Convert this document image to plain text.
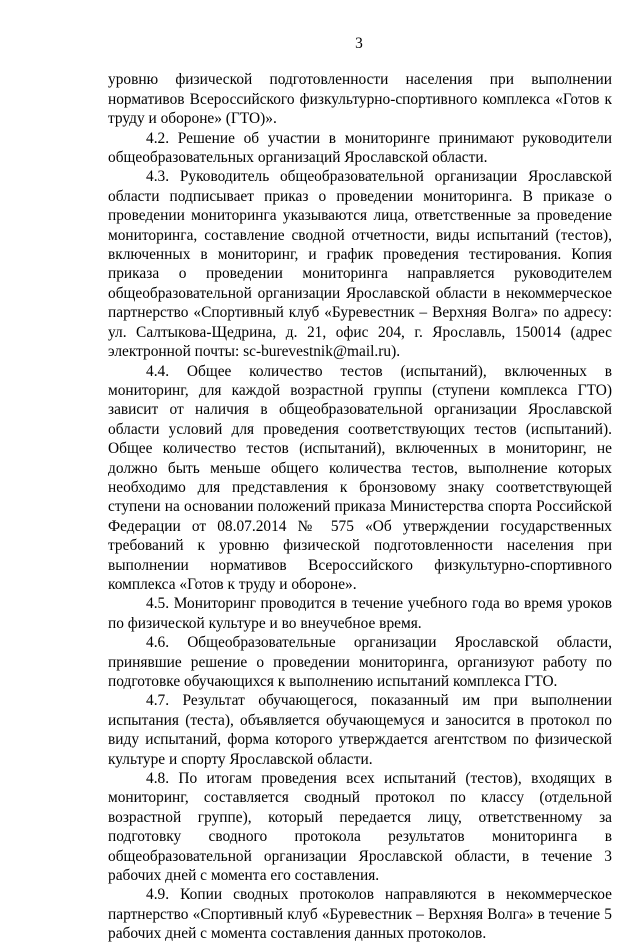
3

уровню физической подготовленности населения при выполнении нормативов Всероссийского физкультурно-спортивного комплекса «Готов к труду и обороне» (ГТО)».

4.2. Решение об участии в мониторинге принимают руководители общеобразовательных организаций Ярославской области.

4.3. Руководитель общеобразовательной организации Ярославской области подписывает приказ о проведении мониторинга. В приказе о проведении мониторинга указываются лица, ответственные за проведение мониторинга, составление сводной отчетности, виды испытаний (тестов), включенных в мониторинг, и график проведения тестирования. Копия приказа о проведении мониторинга направляется руководителем общеобразовательной организации Ярославской области в некоммерческое партнерство «Спортивный клуб «Буревестник – Верхняя Волга» по адресу: ул. Салтыкова-Щедрина, д. 21, офис 204, г. Ярославль, 150014 (адрес электронной почты: sc-burevestnik@mail.ru).

4.4. Общее количество тестов (испытаний), включенных в мониторинг, для каждой возрастной группы (ступени комплекса ГТО) зависит от наличия в общеобразовательной организации Ярославской области условий для проведения соответствующих тестов (испытаний). Общее количество тестов (испытаний), включенных в мониторинг, не должно быть меньше общего количества тестов, выполнение которых необходимо для представления к бронзовому знаку соответствующей ступени на основании положений приказа Министерства спорта Российской Федерации от 08.07.2014 № 575 «Об утверждении государственных требований к уровню физической подготовленности населения при выполнении нормативов Всероссийского физкультурно-спортивного комплекса «Готов к труду и обороне».

4.5. Мониторинг проводится в течение учебного года во время уроков по физической культуре и во внеучебное время.

4.6. Общеобразовательные организации Ярославской области, принявшие решение о проведении мониторинга, организуют работу по подготовке обучающихся к выполнению испытаний комплекса ГТО.

4.7. Результат обучающегося, показанный им при выполнении испытания (теста), объявляется обучающемуся и заносится в протокол по виду испытаний, форма которого утверждается агентством по физической культуре и спорту Ярославской области.

4.8. По итогам проведения всех испытаний (тестов), входящих в мониторинг, составляется сводный протокол по классу (отдельной возрастной группе), который передается лицу, ответственному за подготовку сводного протокола результатов мониторинга в общеобразовательной организации Ярославской области, в течение 3 рабочих дней с момента его составления.

4.9. Копии сводных протоколов направляются в некоммерческое партнерство «Спортивный клуб «Буревестник – Верхняя Волга» в течение 5 рабочих дней с момента составления данных протоколов.
